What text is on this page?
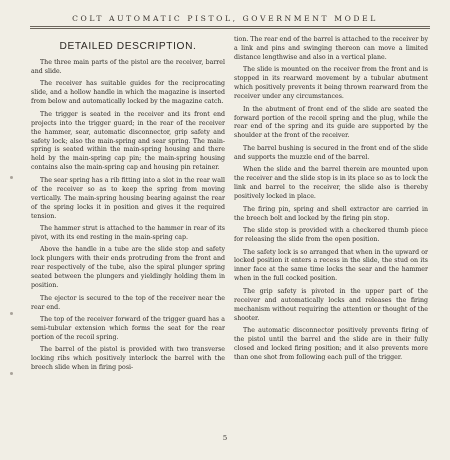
COLT AUTOMATIC PISTOL, GOVERNMENT MODEL
DETAILED DESCRIPTION.

The three main parts of the pistol are the receiver, barrel and slide.

The receiver has suitable guides for the reciprocating slide, and a hollow handle in which the magazine is inserted from below and automatically locked by the magazine catch.

The trigger is seated in the receiver and its front end projects into the trigger guard; in the rear of the receiver the hammer, sear, automatic disconnector, grip safety and safety lock; also the main-spring and sear spring. The main-spring is seated within the main-spring housing and there held by the main-spring cap pin; the main-spring housing contains also the main-spring cap and housing pin retainer.

The sear spring has a rib fitting into a slot in the rear wall of the receiver so as to keep the spring from moving vertically. The main-spring housing bearing against the rear of the spring locks it in position and gives it the required tension.

The hammer strut is attached to the hammer in rear of its pivot, with its end resting in the main-spring cap.

Above the handle in a tube are the slide stop and safety lock plungers with their ends protruding from the front and rear respectively of the tube, also the spiral plunger spring seated between the plungers and yieldingly holding them in position.

The ejector is secured to the top of the receiver near the rear end.

The top of the receiver forward of the trigger guard has a semi-tubular extension which forms the seat for the rear portion of the recoil spring.

The barrel of the pistol is provided with two transverse locking ribs which positively interlock the barrel with the breech slide when in firing posi-

tion. The rear end of the barrel is attached to the receiver by a link and pins and swinging thereon can move a limited distance lengthwise and also in a vertical plane.

The slide is mounted on the receiver from the front and is stopped in its rearward movement by a tubular abutment which positively prevents it being thrown rearward from the receiver under any circumstances.

In the abutment of front end of the slide are seated the forward portion of the recoil spring and the plug, while the rear end of the spring and its guide are supported by the shoulder at the front of the receiver.

The barrel bushing is secured in the front end of the slide and supports the muzzle end of the barrel.

When the slide and the barrel therein are mounted upon the receiver and the slide stop is in its place so as to lock the link and barrel to the receiver, the slide also is thereby positively locked in place.

The firing pin, spring and shell extractor are carried in the breech bolt and locked by the firing pin stop.

The slide stop is provided with a checkered thumb piece for releasing the slide from the open position.

The safety lock is so arranged that when in the upward or locked position it enters a recess in the slide, the stud on its inner face at the same time locks the sear and the hammer when in the full cocked position.

The grip safety is pivoted in the upper part of the receiver and automatically locks and releases the firing mechanism without requiring the attention or thought of the shooter.

The automatic disconnector positively prevents firing of the pistol until the barrel and the slide are in their fully closed and locked firing position; and it also prevents more than one shot from following each pull of the trigger.

5
